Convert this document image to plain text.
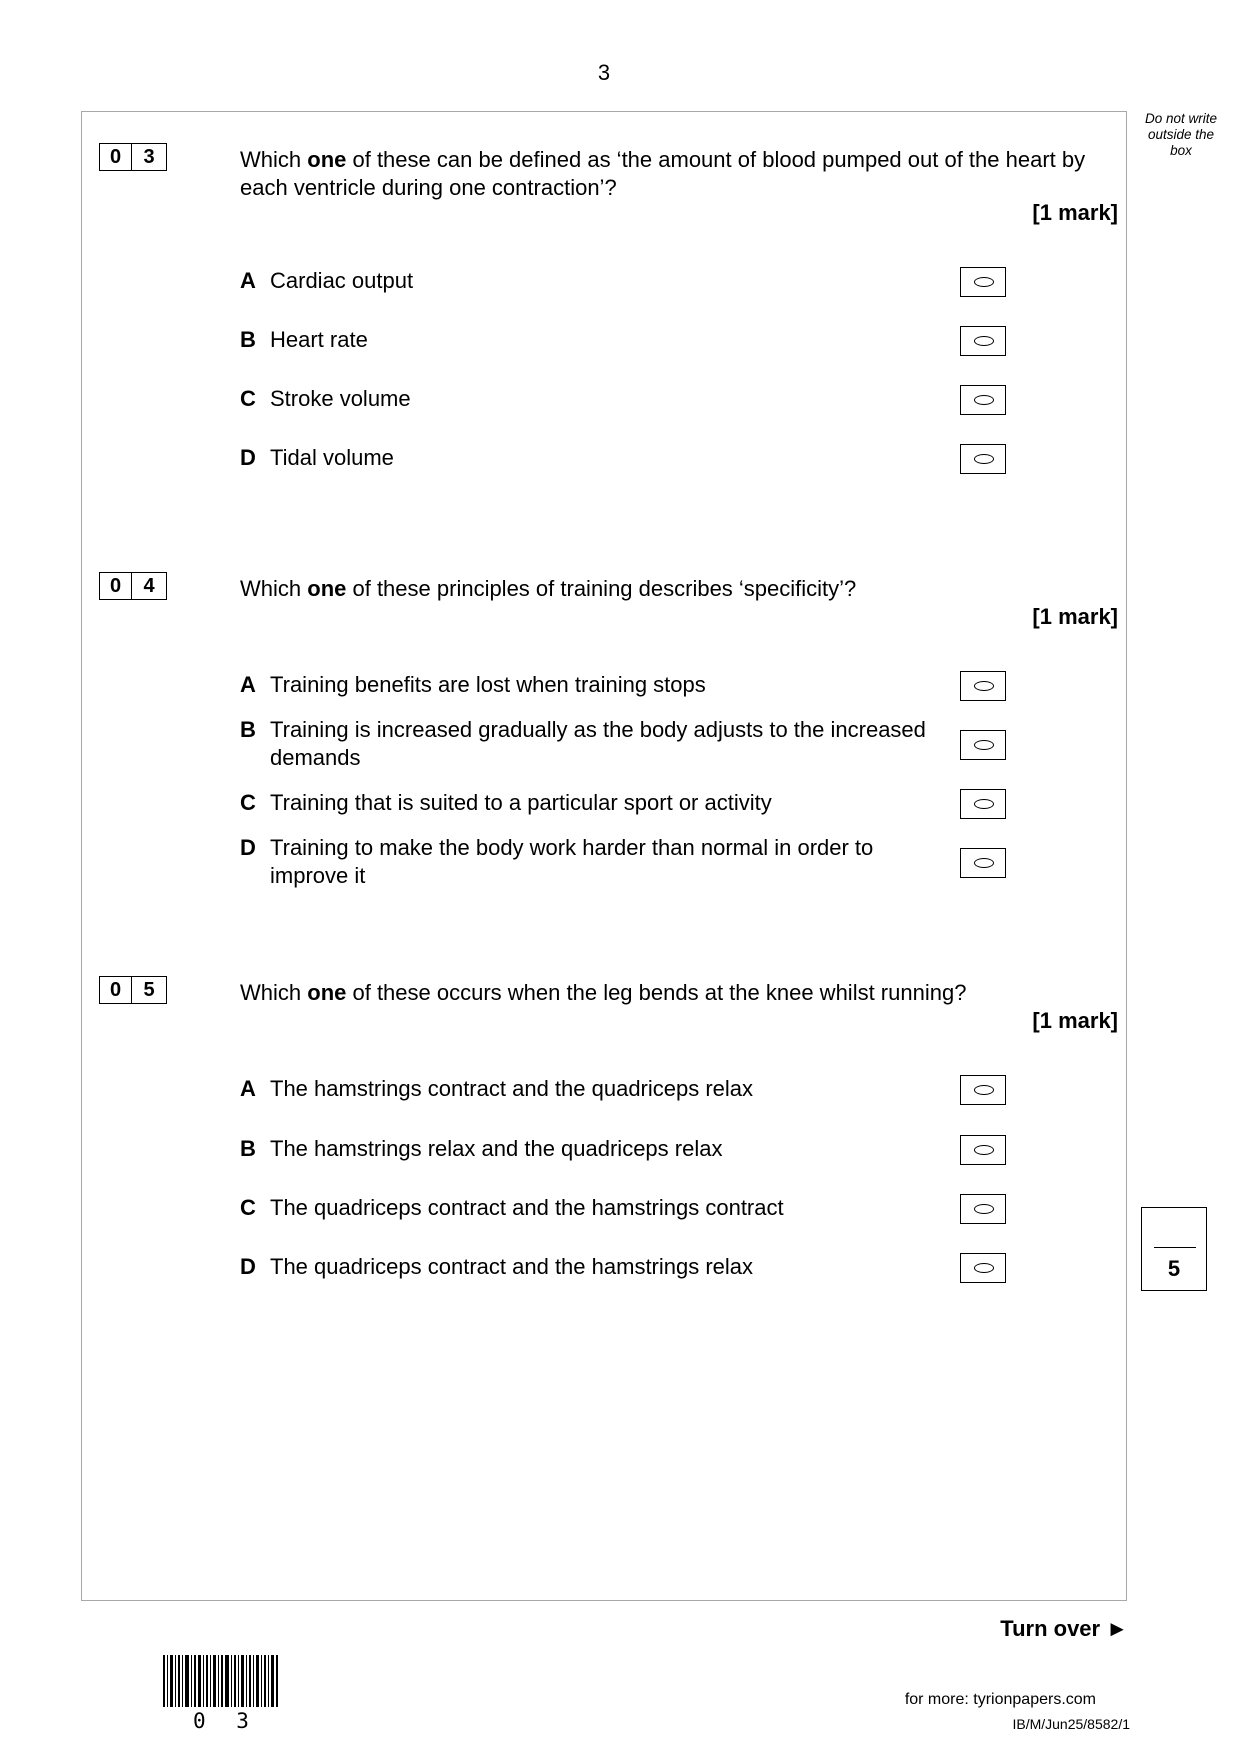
3
Do not write outside the box
0	3	Which one of these can be defined as ‘the amount of blood pumped out of the heart by each ventricle during one contraction’?
[1 mark]
A Cardiac output
B Heart rate
C Stroke volume
D Tidal volume
0	4	Which one of these principles of training describes ‘specificity’?
[1 mark]
A Training benefits are lost when training stops
B Training is increased gradually as the body adjusts to the increased demands
C Training that is suited to a particular sport or activity
D Training to make the body work harder than normal in order to improve it
0	5	Which one of these occurs when the leg bends at the knee whilst running?
[1 mark]
A The hamstrings contract and the quadriceps relax
B The hamstrings relax and the quadriceps relax
C The quadriceps contract and the hamstrings contract
D The quadriceps contract and the hamstrings relax	5
Turn over ►
0 3
for more: tyrionpapers.com
IB/M/Jun25/8582/1
